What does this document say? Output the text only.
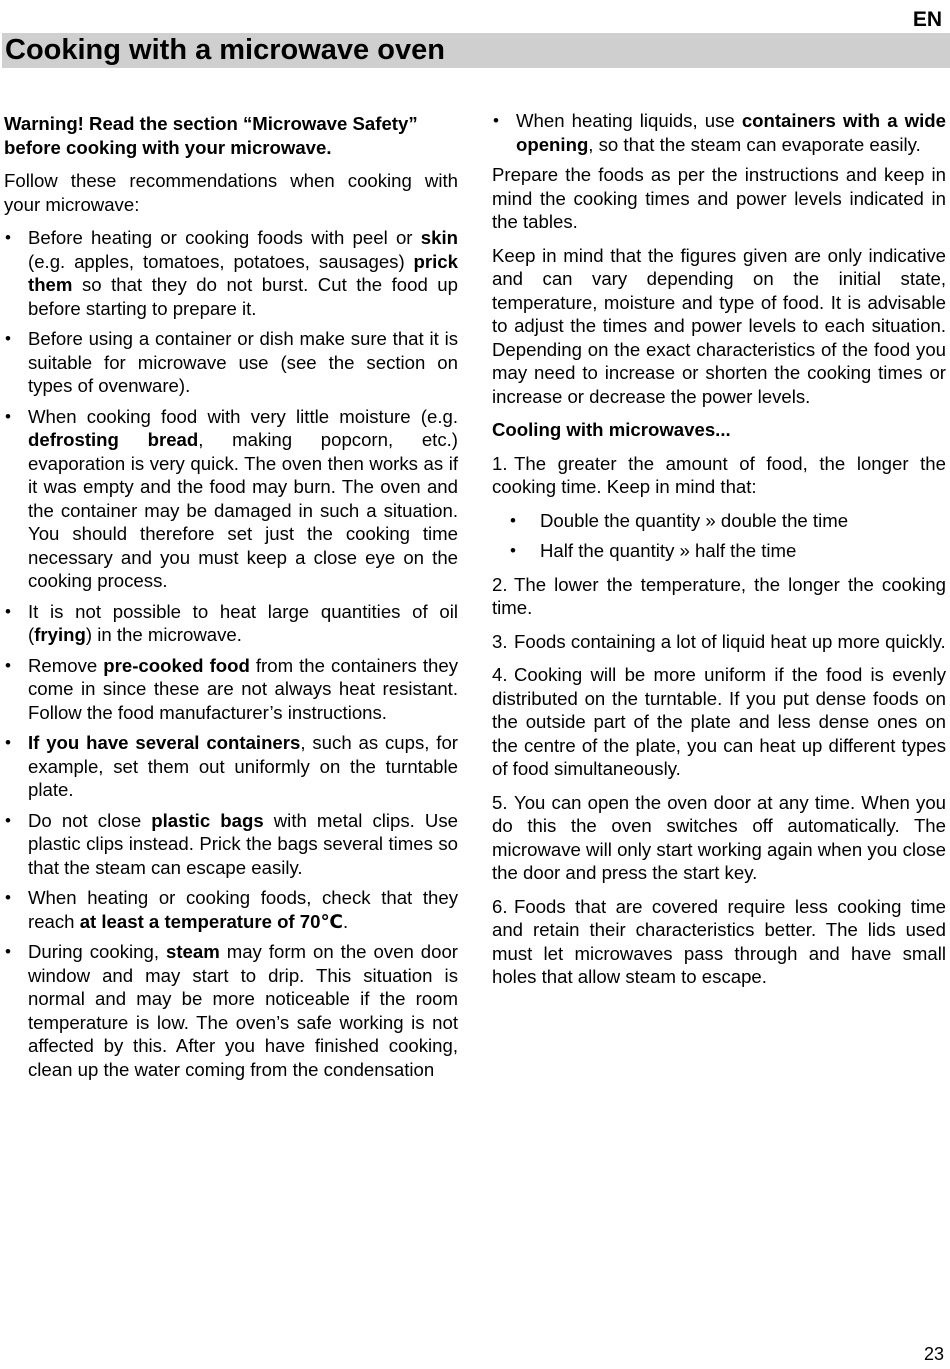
EN
Cooking with a microwave oven

Warning! Read the section “Microwave Safety” before cooking with your microwave.

Follow these recommendations when cooking with your microwave:

• Before heating or cooking foods with peel or skin (e.g. apples, tomatoes, potatoes, sausages) prick them so that they do not burst. Cut the food up before starting to prepare it.
• Before using a container or dish make sure that it is suitable for microwave use (see the section on types of ovenware).
• When cooking food with very little moisture (e.g. defrosting bread, making popcorn, etc.) evaporation is very quick. The oven then works as if it was empty and the food may burn. The oven and the container may be damaged in such a situation. You should therefore set just the cooking time necessary and you must keep a close eye on the cooking process.
• It is not possible to heat large quantities of oil (frying) in the microwave.
• Remove pre-cooked food from the containers they come in since these are not always heat resistant. Follow the food manufacturer’s instructions.
• If you have several containers, such as cups, for example, set them out uniformly on the turntable plate.
• Do not close plastic bags with metal clips. Use plastic clips instead. Prick the bags several times so that the steam can escape easily.
• When heating or cooking foods, check that they reach at least a temperature of 70℃.
• During cooking, steam may form on the oven door window and may start to drip. This situation is normal and may be more noticeable if the room temperature is low. The oven’s safe working is not affected by this. After you have finished cooking, clean up the water coming from the condensation
• When heating liquids, use containers with a wide opening, so that the steam can evaporate easily.

Prepare the foods as per the instructions and keep in mind the cooking times and power levels indicated in the tables.

Keep in mind that the figures given are only indicative and can vary depending on the initial state, temperature, moisture and type of food. It is advisable to adjust the times and power levels to each situation. Depending on the exact characteristics of the food you may need to increase or shorten the cooking times or increase or decrease the power levels.

Cooling with microwaves...

1. The greater the amount of food, the longer the cooking time. Keep in mind that:

• Double the quantity » double the time
• Half the quantity » half the time

2. The lower the temperature, the longer the cooking time.

3. Foods containing a lot of liquid heat up more quickly.

4. Cooking will be more uniform if the food is evenly distributed on the turntable. If you put dense foods on the outside part of the plate and less dense ones on the centre of the plate, you can heat up different types of food simultaneously.

5. You can open the oven door at any time. When you do this the oven switches off automatically. The microwave will only start working again when you close the door and press the start key.

6. Foods that are covered require less cooking time and retain their characteristics better. The lids used must let microwaves pass through and have small holes that allow steam to escape.

23
